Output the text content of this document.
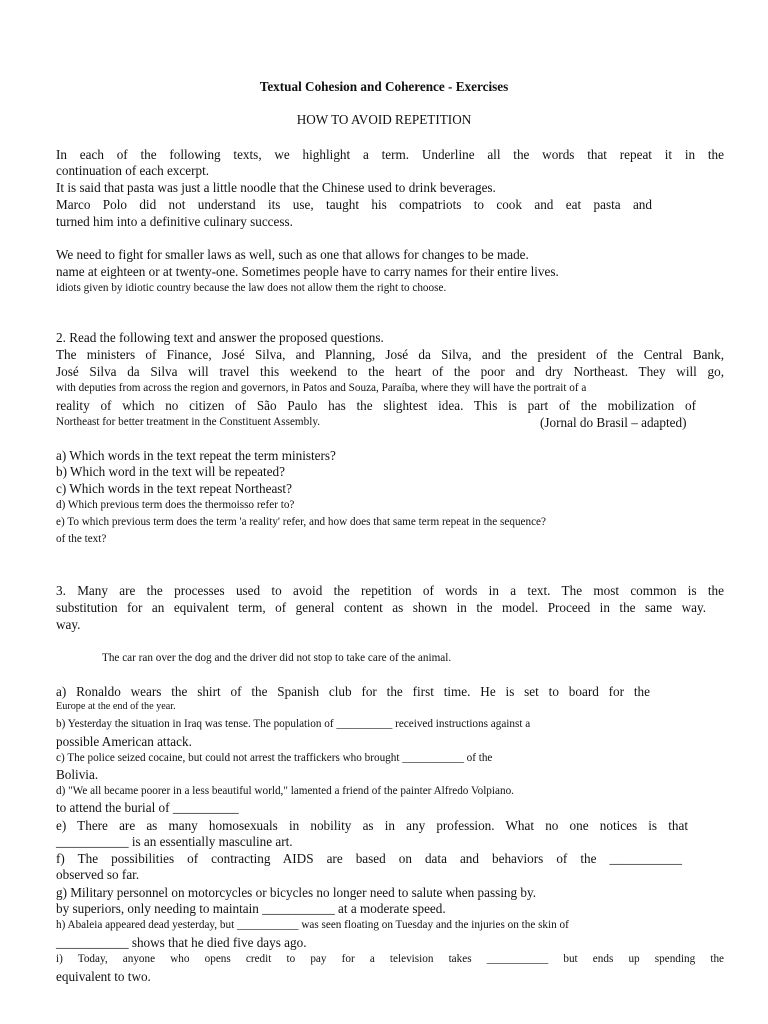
Textual Cohesion and Coherence - Exercises
HOW TO AVOID REPETITION
In each of the following texts, we highlight a term. Underline all the words that repeat it in the
continuation of each excerpt.
It is said that pasta was just a little noodle that the Chinese used to drink beverages.
Marco Polo did not understand its use, taught his compatriots to cook and eat pasta and
turned him into a definitive culinary success.
We need to fight for smaller laws as well, such as one that allows for changes to be made.
name at eighteen or at twenty-one. Sometimes people have to carry names for their entire lives.
idiots given by idiotic country because the law does not allow them the right to choose.
2. Read the following text and answer the proposed questions.
The ministers of Finance, José Silva, and Planning, José da Silva, and the president of the Central Bank,
José Silva da Silva will travel this weekend to the heart of the poor and dry Northeast. They will go,
with deputies from across the region and governors, in Patos and Souza, Paraíba, where they will have the portrait of a
reality of which no citizen of São Paulo has the slightest idea. This is part of the mobilization of
Northeast for better treatment in the Constituent Assembly.	(Jornal do Brasil – adapted)
a) Which words in the text repeat the term ministers?
b) Which word in the text will be repeated?
c) Which words in the text repeat Northeast?
d) Which previous term does the thermoisso refer to?
e) To which previous term does the term 'a reality' refer, and how does that same term repeat in the sequence?
of the text?
3. Many are the processes used to avoid the repetition of words in a text. The most common is the
substitution for an equivalent term, of general content as shown in the model. Proceed in the same way.
way.
The car ran over the dog and the driver did not stop to take care of the animal.
a) Ronaldo wears the shirt of the Spanish club for the first time. He is set to board for the
Europe at the end of the year.
b) Yesterday the situation in Iraq was tense. The population of __________ received instructions against a
possible American attack.
c) The police seized cocaine, but could not arrest the traffickers who brought ___________ of the
Bolivia.
d) "We all became poorer in a less beautiful world," lamented a friend of the painter Alfredo Volpiano.
to attend the burial of __________
e) There are as many homosexuals in nobility as in any profession. What no one notices is that
___________ is an essentially masculine art.
f) The possibilities of contracting AIDS are based on data and behaviors of the ___________
observed so far.
g) Military personnel on motorcycles or bicycles no longer need to salute when passing by.
by superiors, only needing to maintain ___________ at a moderate speed.
h) Abaleia appeared dead yesterday, but ___________ was seen floating on Tuesday and the injuries on the skin of
___________ shows that he died five days ago.
i) Today, anyone who opens credit to pay for a television takes ___________ but ends up spending the
equivalent to two.
